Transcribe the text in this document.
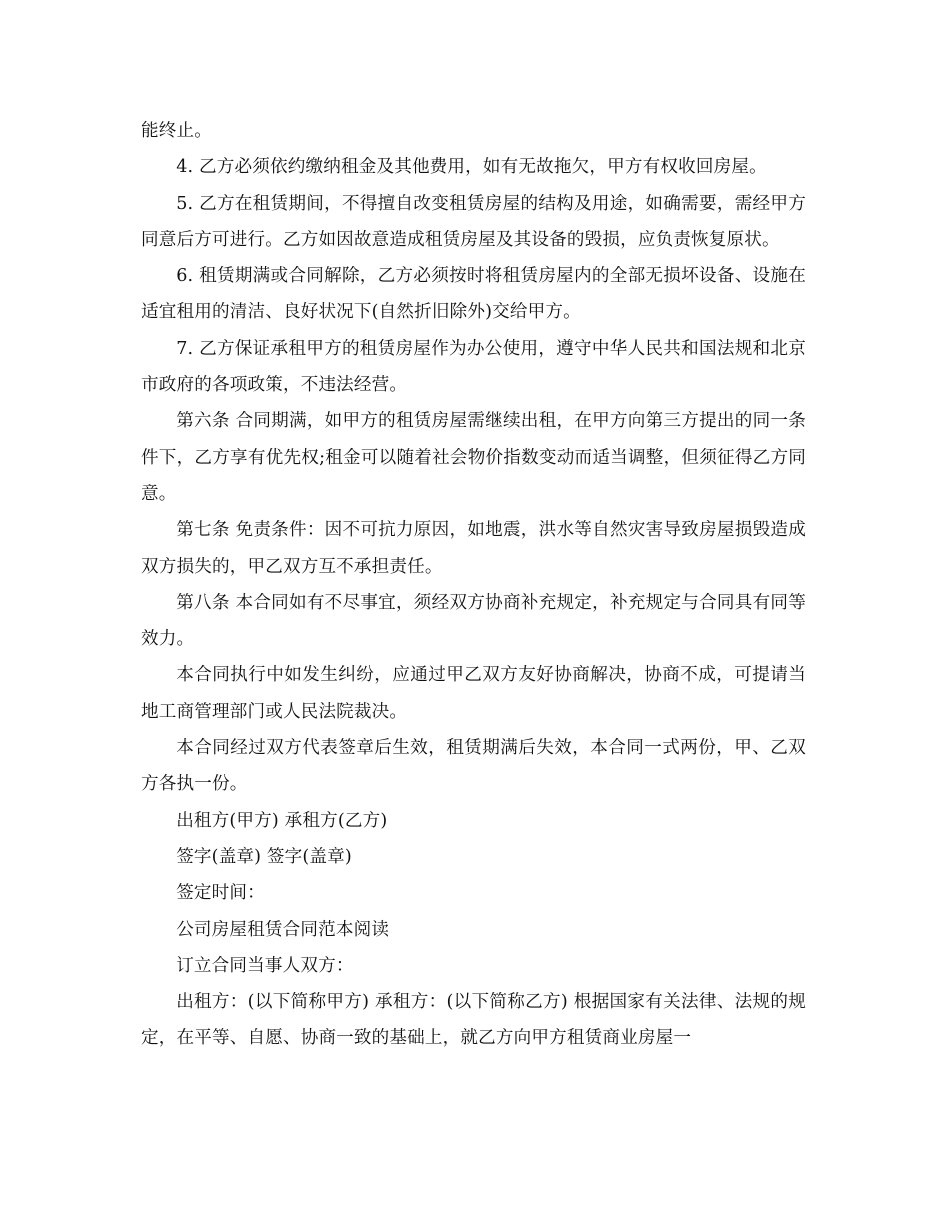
能终止。

4. 乙方必须依约缴纳租金及其他费用，如有无故拖欠，甲方有权收回房屋。

5. 乙方在租赁期间，不得擅自改变租赁房屋的结构及用途，如确需要，需经甲方同意后方可进行。乙方如因故意造成租赁房屋及其设备的毁损，应负责恢复原状。

6. 租赁期满或合同解除，乙方必须按时将租赁房屋内的全部无损坏设备、设施在适宜租用的清洁、良好状况下(自然折旧除外)交给甲方。

7. 乙方保证承租甲方的租赁房屋作为办公使用，遵守中华人民共和国法规和北京市政府的各项政策，不违法经营。

第六条 合同期满，如甲方的租赁房屋需继续出租，在甲方向第三方提出的同一条件下，乙方享有优先权;租金可以随着社会物价指数变动而适当调整，但须征得乙方同意。

第七条 免责条件：因不可抗力原因，如地震，洪水等自然灾害导致房屋损毁造成双方损失的，甲乙双方互不承担责任。

第八条 本合同如有不尽事宜，须经双方协商补充规定，补充规定与合同具有同等效力。

本合同执行中如发生纠纷，应通过甲乙双方友好协商解决，协商不成，可提请当地工商管理部门或人民法院裁决。

本合同经过双方代表签章后生效，租赁期满后失效，本合同一式两份，甲、乙双方各执一份。

出租方(甲方) 承租方(乙方)

签字(盖章) 签字(盖章)

签定时间：

公司房屋租赁合同范本阅读

订立合同当事人双方：

出租方：(以下简称甲方) 承租方：(以下简称乙方) 根据国家有关法律、法规的规定，在平等、自愿、协商一致的基础上，就乙方向甲方租赁商业房屋一
